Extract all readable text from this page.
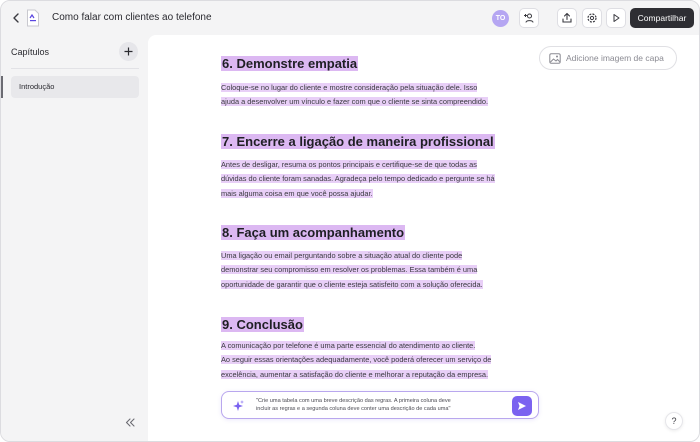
Como falar com clientes ao telefone	TO	Compartilhar
Capítulos
Introdução
Adicione imagem de capa
6. Demonstre empatia
Coloque-se no lugar do cliente e mostre consideração pela situação dele. Isso
ajuda a desenvolver um vínculo e fazer com que o cliente se sinta compreendido.
7. Encerre a ligação de maneira profissional
Antes de desligar, resuma os pontos principais e certifique-se de que todas as
dúvidas do cliente foram sanadas. Agradeça pelo tempo dedicado e pergunte se há
mais alguma coisa em que você possa ajudar.
8. Faça um acompanhamento
Uma ligação ou email perguntando sobre a situação atual do cliente pode
demonstrar seu compromisso em resolver os problemas. Essa também é uma
oportunidade de garantir que o cliente esteja satisfeito com a solução oferecida.
9. Conclusão
A comunicação por telefone é uma parte essencial do atendimento ao cliente.
Ao seguir essas orientações adequadamente, você poderá oferecer um serviço de
excelência, aumentar a satisfação do cliente e melhorar a reputação da empresa.
"Crie uma tabela com uma breve descrição das regras. A primeira coluna deve
incluir as regras e a segunda coluna deve conter uma descrição de cada uma"
?
